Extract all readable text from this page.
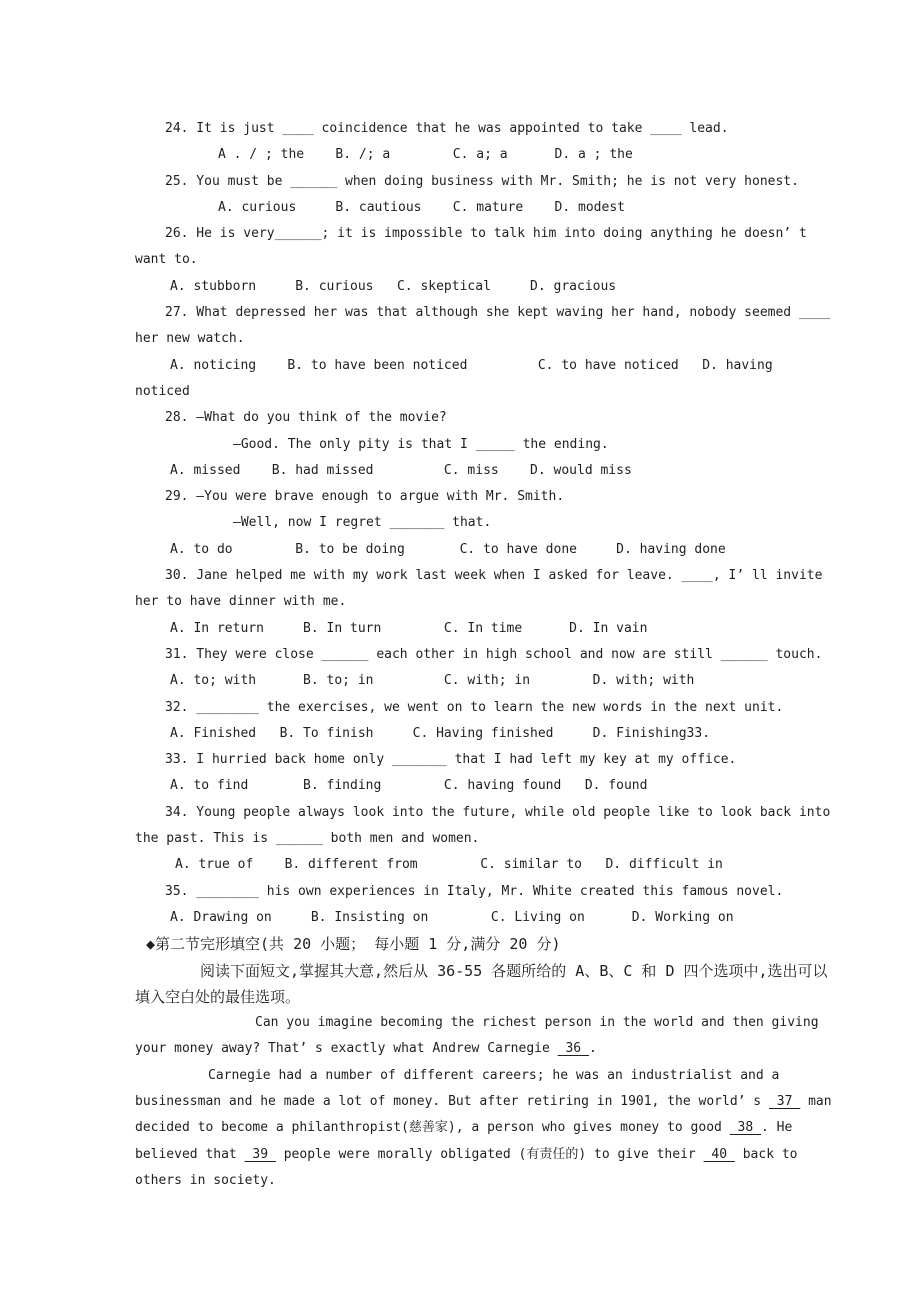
24. It is just ____ coincidence that he was appointed to take ____ lead.
A . / ; the    B. /; a        C. a; a      D. a ; the
25. You must be ______ when doing business with Mr. Smith; he is not very honest.
A. curious     B. cautious    C. mature    D. modest
26. He is very______; it is impossible to talk him into doing anything he doesn’ t
want to.
A. stubborn     B. curious   C. skeptical     D. gracious
27. What depressed her was that although she kept waving her hand, nobody seemed ____
her new watch.
A. noticing    B. to have been noticed         C. to have noticed   D. having
noticed
28. —What do you think of the movie?
—Good. The only pity is that I _____ the ending.
A. missed    B. had missed         C. miss    D. would miss
29. —You were brave enough to argue with Mr. Smith.
—Well, now I regret _______ that.
A. to do        B. to be doing       C. to have done     D. having done
30. Jane helped me with my work last week when I asked for leave. ____, I’ ll invite
her to have dinner with me.
A. In return     B. In turn        C. In time      D. In vain
31. They were close ______ each other in high school and now are still ______ touch.
A. to; with      B. to; in         C. with; in        D. with; with
32. ________ the exercises, we went on to learn the new words in the next unit.
A. Finished   B. To finish     C. Having finished     D. Finishing33.
33. I hurried back home only _______ that I had left my key at my office.
A. to find       B. finding        C. having found   D. found
34. Young people always look into the future, while old people like to look back into
the past. This is ______ both men and women.
A. true of    B. different from        C. similar to   D. difficult in
35. ________ his own experiences in Italy, Mr. White created this famous novel.
A. Drawing on     B. Insisting on        C. Living on      D. Working on
◆第二节完形填空(共 20 小题； 每小题 1 分,满分 20 分)
阅读下面短文,掌握其大意,然后从 36-55 各题所给的 A、B、C 和 D 四个选项中,选出可以
填入空白处的最佳选项。
Can you imagine becoming the richest person in the world and then giving
your money away? That’ s exactly what Andrew Carnegie  36 .
Carnegie had a number of different careers; he was an industrialist and a
businessman and he made a lot of money. But after retiring in 1901, the world’ s  37  man
decided to become a philanthropist(慈善家), a person who gives money to good  38 . He
believed that  39  people were morally obligated (有责任的) to give their  40  back to
others in society.
